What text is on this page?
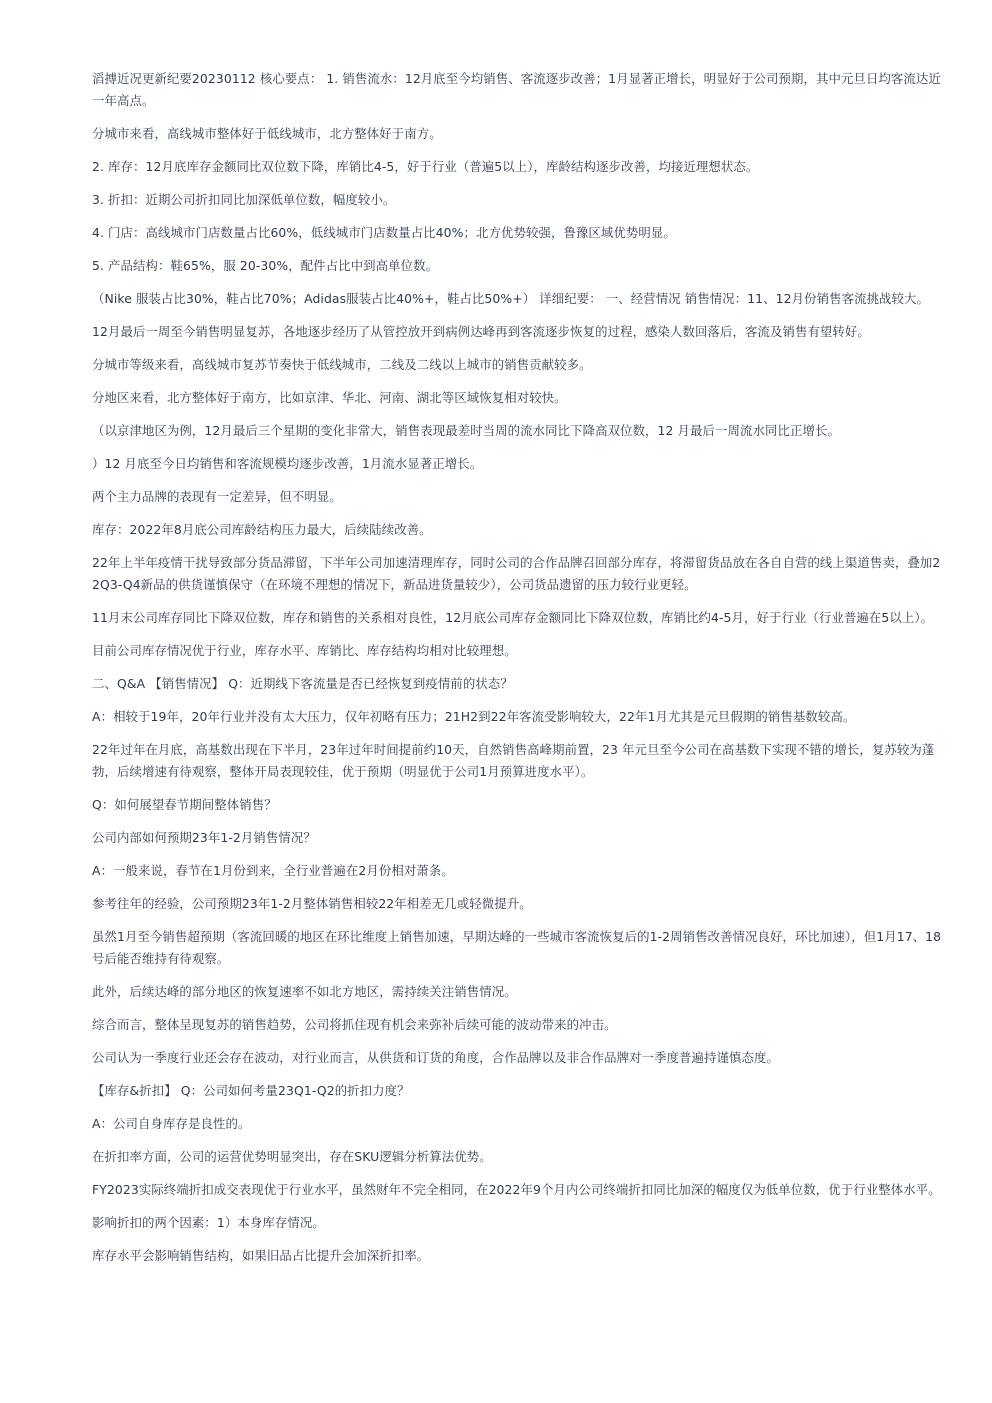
滔搏近况更新纪要20230112 核心要点： 1. 销售流水：12月底至今均销售、客流逐步改善；1月显著正增长，明显好于公司预期，其中元旦日均客流达近一年高点。

分城市来看，高线城市整体好于低线城市，北方整体好于南方。

2. 库存：12月底库存金额同比双位数下降，库销比4-5，好于行业（普遍5以上），库龄结构逐步改善，均接近理想状态。

3. 折扣：近期公司折扣同比加深低单位数，幅度较小。

4. 门店：高线城市门店数量占比60%，低线城市门店数量占比40%；北方优势较强，鲁豫区域优势明显。

5. 产品结构：鞋65%，服 20-30%，配件占比中到高单位数。

（Nike 服装占比30%，鞋占比70%；Adidas服装占比40%+，鞋占比50%+） 详细纪要： 一、经营情况 销售情况：11、12月份销售客流挑战较大。

12月最后一周至今销售明显复苏，各地逐步经历了从管控放开到病例达峰再到客流逐步恢复的过程，感染人数回落后，客流及销售有望转好。

分城市等级来看，高线城市复苏节奏快于低线城市，二线及二线以上城市的销售贡献较多。

分地区来看，北方整体好于南方，比如京津、华北、河南、湖北等区域恢复相对较快。

（以京津地区为例，12月最后三个星期的变化非常大，销售表现最差时当周的流水同比下降高双位数，12 月最后一周流水同比正增长。

）12 月底至今日均销售和客流规模均逐步改善，1月流水显著正增长。

两个主力品牌的表现有一定差异，但不明显。

库存：2022年8月底公司库龄结构压力最大，后续陆续改善。

22年上半年疫情干扰导致部分货品滞留，下半年公司加速清理库存，同时公司的合作品牌召回部分库存，将滞留货品放在各自自营的线上渠道售卖，叠加22Q3-Q4新品的供货谨慎保守（在环境不理想的情况下，新品进货量较少），公司货品遗留的压力较行业更轻。

11月末公司库存同比下降双位数，库存和销售的关系相对良性，12月底公司库存金额同比下降双位数，库销比约4-5月，好于行业（行业普遍在5以上）。

目前公司库存情况优于行业，库存水平、库销比、库存结构均相对比较理想。

二、Q&A 【销售情况】 Q：近期线下客流量是否已经恢复到疫情前的状态？

A：相较于19年，20年行业并没有太大压力，仅年初略有压力；21H2到22年客流受影响较大，22年1月尤其是元旦假期的销售基数较高。

22年过年在月底，高基数出现在下半月，23年过年时间提前约10天，自然销售高峰期前置，23 年元旦至今公司在高基数下实现不错的增长，复苏较为蓬勃，后续增速有待观察，整体开局表现较佳，优于预期（明显优于公司1月预算进度水平）。

Q：如何展望春节期间整体销售？

公司内部如何预期23年1-2月销售情况？

A：一般来说，春节在1月份到来，全行业普遍在2月份相对萧条。

参考往年的经验，公司预期23年1-2月整体销售相较22年相差无几或轻微提升。

虽然1月至今销售超预期（客流回暖的地区在环比维度上销售加速，早期达峰的一些城市客流恢复后的1-2周销售改善情况良好，环比加速），但1月17、18号后能否维持有待观察。

此外，后续达峰的部分地区的恢复速率不如北方地区，需持续关注销售情况。

综合而言，整体呈现复苏的销售趋势，公司将抓住现有机会来弥补后续可能的波动带来的冲击。

公司认为一季度行业还会存在波动，对行业而言，从供货和订货的角度，合作品牌以及非合作品牌对一季度普遍持谨慎态度。

【库存&折扣】 Q：公司如何考量23Q1-Q2的折扣力度？

A：公司自身库存是良性的。

在折扣率方面，公司的运营优势明显突出，存在SKU逻辑分析算法优势。

FY2023实际终端折扣成交表现优于行业水平，虽然财年不完全相同，在2022年9个月内公司终端折扣同比加深的幅度仅为低单位数，优于行业整体水平。

影响折扣的两个因素：1）本身库存情况。

库存水平会影响销售结构，如果旧品占比提升会加深折扣率。
